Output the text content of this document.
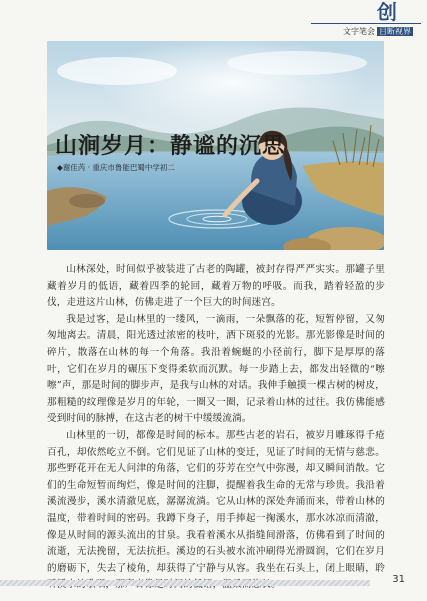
创
文字笔会 目断视界
山涧岁月：静谧的沉思
◆谢佳芮 · 重庆市鲁能巴蜀中学初二

山林深处，时间似乎被装进了古老的陶罐，被封存得严严实实。那罐子里藏着岁月的低语，藏着四季的轮回，藏着万物的呼吸。而我，踏着轻盈的步伐，走进这片山林，仿佛走进了一个巨大的时间迷宫。

我是过客，是山林里的一缕风，一滴雨，一朵飘落的花，短暂停留，又匆匆地离去。清晨，阳光透过浓密的枝叶，洒下斑驳的光影。那光影像是时间的碎片，散落在山林的每一个角落。我沿着蜿蜒的小径前行，脚下是厚厚的落叶，它们在岁月的碾压下变得柔软而沉默。每一步踏上去，都发出轻微的“嚓嚓”声，那是时间的脚步声，是我与山林的对话。我伸手触摸一棵古树的树皮，那粗糙的纹理像是岁月的年轮，一圈又一圈，记录着山林的过往。我仿佛能感受到时间的脉搏，在这古老的树干中缓缓流淌。

山林里的一切，都像是时间的标本。那些古老的岩石，被岁月雕琢得千疮百孔，却依然屹立不倒。它们见证了山林的变迁，见证了时间的无情与慈悲。那些野花开在无人问津的角落，它们的芬芳在空气中弥漫，却又瞬间消散。它们的生命短暂而绚烂，像是时间的注脚，提醒着我生命的无常与珍贵。我沿着溪流漫步，溪水清澈见底，潺潺流淌。它从山林的深处奔涌而来，带着山林的温度，带着时间的密码。我蹲下身子，用手捧起一掬溪水，那水冰凉而清澈，像是从时间的源头流出的甘泉。我看着溪水从指缝间滑落，仿佛看到了时间的流逝，无法挽留，无法抗拒。溪边的石头被水流冲刷得光滑圆润，它们在岁月的磨砺下，失去了棱角，却获得了宁静与从容。我坐在石头上，闭上眼睛，聆

31
